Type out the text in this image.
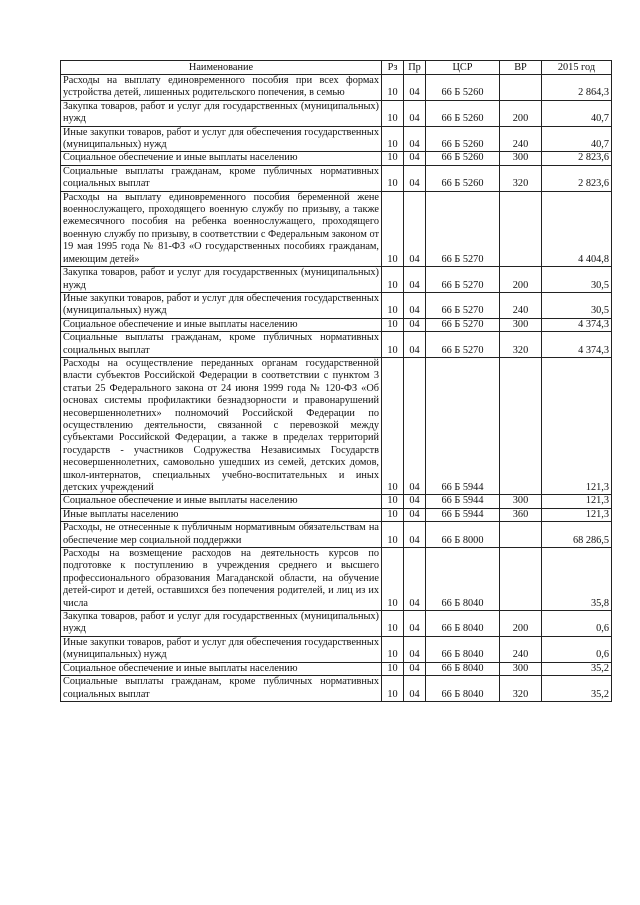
Наименование	Рз	Пр	ЦСР	ВР	2015 год
Расходы на выплату единовременного пособия при всех формах устройства детей, лишенных родительского попечения, в семью	10	04	66 Б 5260		2 864,3
Закупка товаров, работ и услуг для государственных (муниципальных) нужд	10	04	66 Б 5260	200	40,7
Иные закупки товаров, работ и услуг для обеспечения государственных (муниципальных) нужд	10	04	66 Б 5260	240	40,7
Социальное обеспечение и иные выплаты населению	10	04	66 Б 5260	300	2 823,6
Социальные выплаты гражданам, кроме публичных нормативных социальных выплат	10	04	66 Б 5260	320	2 823,6
Расходы на выплату единовременного пособия беременной жене военнослужащего, проходящего военную службу по призыву, а также ежемесячного пособия на ребенка военнослужащего, проходящего военную службу по призыву, в соответствии с Федеральным законом от 19 мая 1995 года № 81-ФЗ «О государственных пособиях гражданам, имеющим детей»	10	04	66 Б 5270		4 404,8
Закупка товаров, работ и услуг для государственных (муниципальных) нужд	10	04	66 Б 5270	200	30,5
Иные закупки товаров, работ и услуг для обеспечения государственных (муниципальных) нужд	10	04	66 Б 5270	240	30,5
Социальное обеспечение и иные выплаты населению	10	04	66 Б 5270	300	4 374,3
Социальные выплаты гражданам, кроме публичных нормативных социальных выплат	10	04	66 Б 5270	320	4 374,3
Расходы на осуществление переданных органам государственной власти субъектов Российской Федерации в соответствии с пунктом 3 статьи 25 Федерального закона от 24 июня 1999 года № 120-ФЗ «Об основах системы профилактики безнадзорности и правонарушений несовершеннолетних» полномочий Российской Федерации по осуществлению деятельности, связанной с перевозкой между субъектами Российской Федерации, а также в пределах территорий государств - участников Содружества Независимых Государств несовершеннолетних, самовольно ушедших из семей, детских домов, школ-интернатов, специальных учебно-воспитательных и иных детских учреждений	10	04	66 Б 5944		121,3
Социальное обеспечение и иные выплаты населению	10	04	66 Б 5944	300	121,3
Иные выплаты населению	10	04	66 Б 5944	360	121,3
Расходы, не отнесенные к публичным нормативным обязательствам на обеспечение мер социальной поддержки	10	04	66 Б 8000		68 286,5
Расходы на возмещение расходов на деятельность курсов по подготовке к поступлению в учреждения среднего и высшего профессионального образования Магаданской области, на обучение детей-сирот и детей, оставшихся без попечения родителей, и лиц из их числа	10	04	66 Б 8040		35,8
Закупка товаров, работ и услуг для государственных (муниципальных) нужд	10	04	66 Б 8040	200	0,6
Иные закупки товаров, работ и услуг для обеспечения государственных (муниципальных) нужд	10	04	66 Б 8040	240	0,6
Социальное обеспечение и иные выплаты населению	10	04	66 Б 8040	300	35,2
Социальные выплаты гражданам, кроме публичных нормативных социальных выплат	10	04	66 Б 8040	320	35,2
